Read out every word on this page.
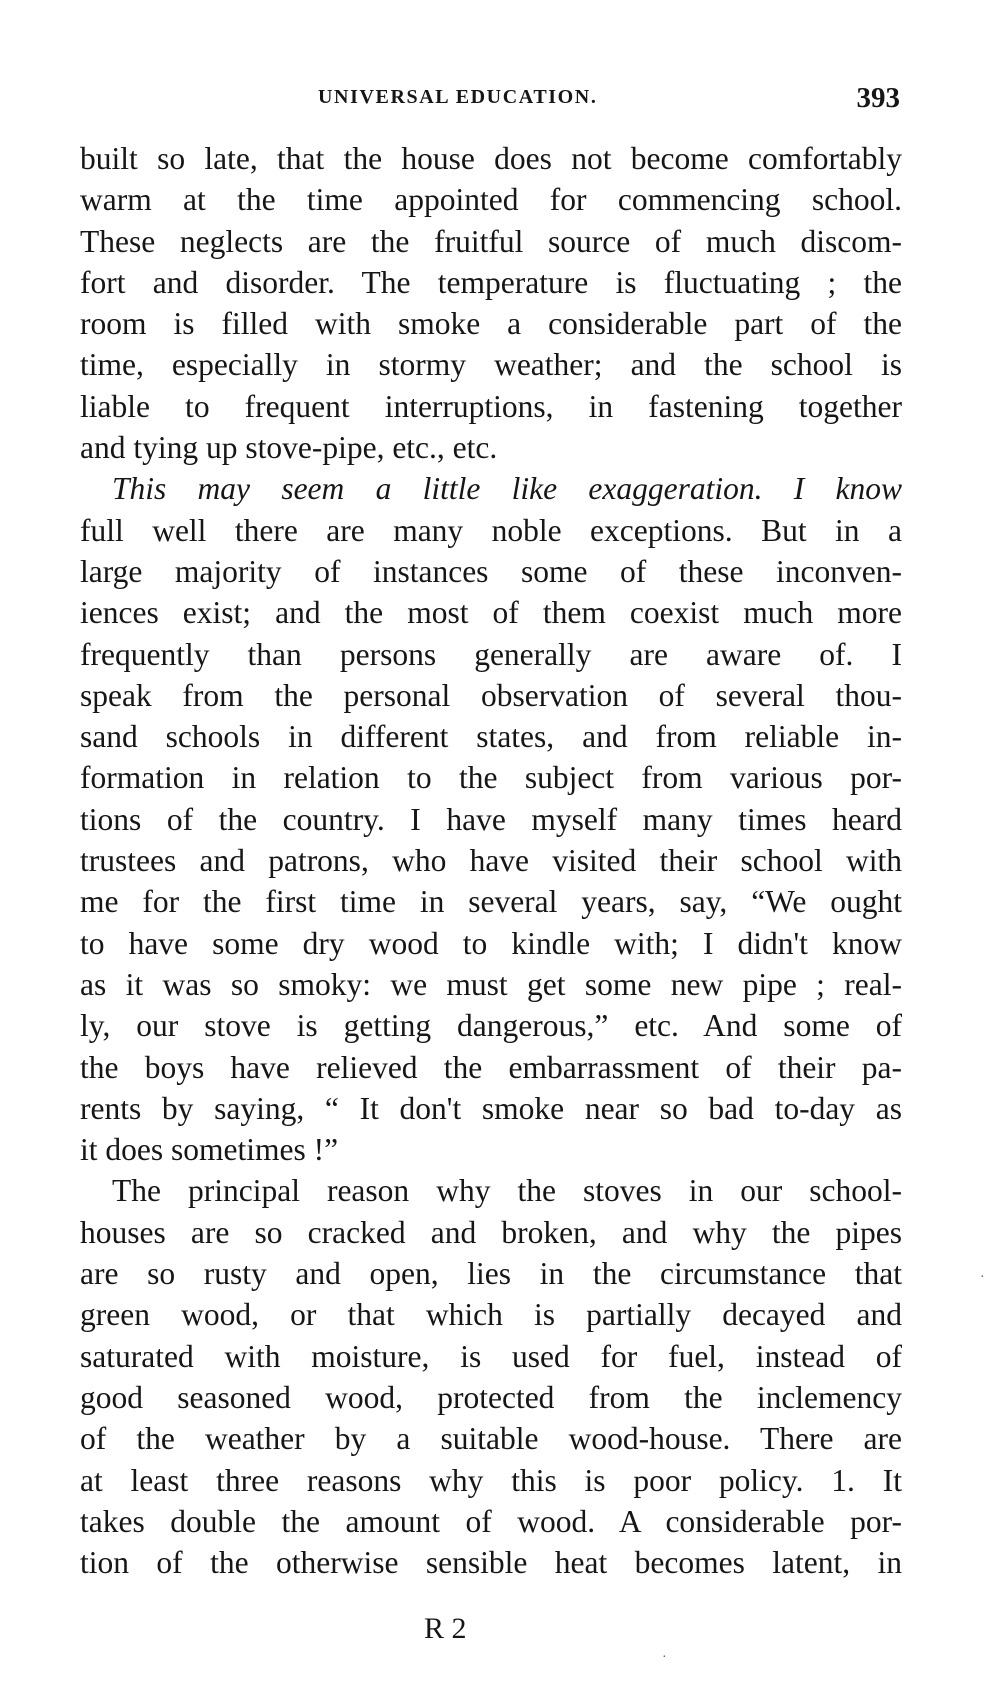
UNIVERSAL EDUCATION.	393
built so late, that the house does not become comfortably
warm at the time appointed for commencing school.
These neglects are the fruitful source of much discom-
fort and disorder. The temperature is fluctuating ; the
room is filled with smoke a considerable part of the
time, especially in stormy weather; and the school is
liable to frequent interruptions, in fastening together
and tying up stove-pipe, etc., etc.
This may seem a little like exaggeration. I know
full well there are many noble exceptions. But in a
large majority of instances some of these inconven-
iences exist; and the most of them coexist much more
frequently than persons generally are aware of. I
speak from the personal observation of several thou-
sand schools in different states, and from reliable in-
formation in relation to the subject from various por-
tions of the country. I have myself many times heard
trustees and patrons, who have visited their school with
me for the first time in several years, say, “We ought
to have some dry wood to kindle with; I didn't know
as it was so smoky: we must get some new pipe ; real-
ly, our stove is getting dangerous,” etc. And some of
the boys have relieved the embarrassment of their pa-
rents by saying, “ It don't smoke near so bad to-day as
it does sometimes !”
The principal reason why the stoves in our school-
houses are so cracked and broken, and why the pipes
are so rusty and open, lies in the circumstance that
green wood, or that which is partially decayed and
saturated with moisture, is used for fuel, instead of
good seasoned wood, protected from the inclemency
of the weather by a suitable wood-house. There are
at least three reasons why this is poor policy. 1. It
takes double the amount of wood. A considerable por-
tion of the otherwise sensible heat becomes latent, in
R 2
·
·
